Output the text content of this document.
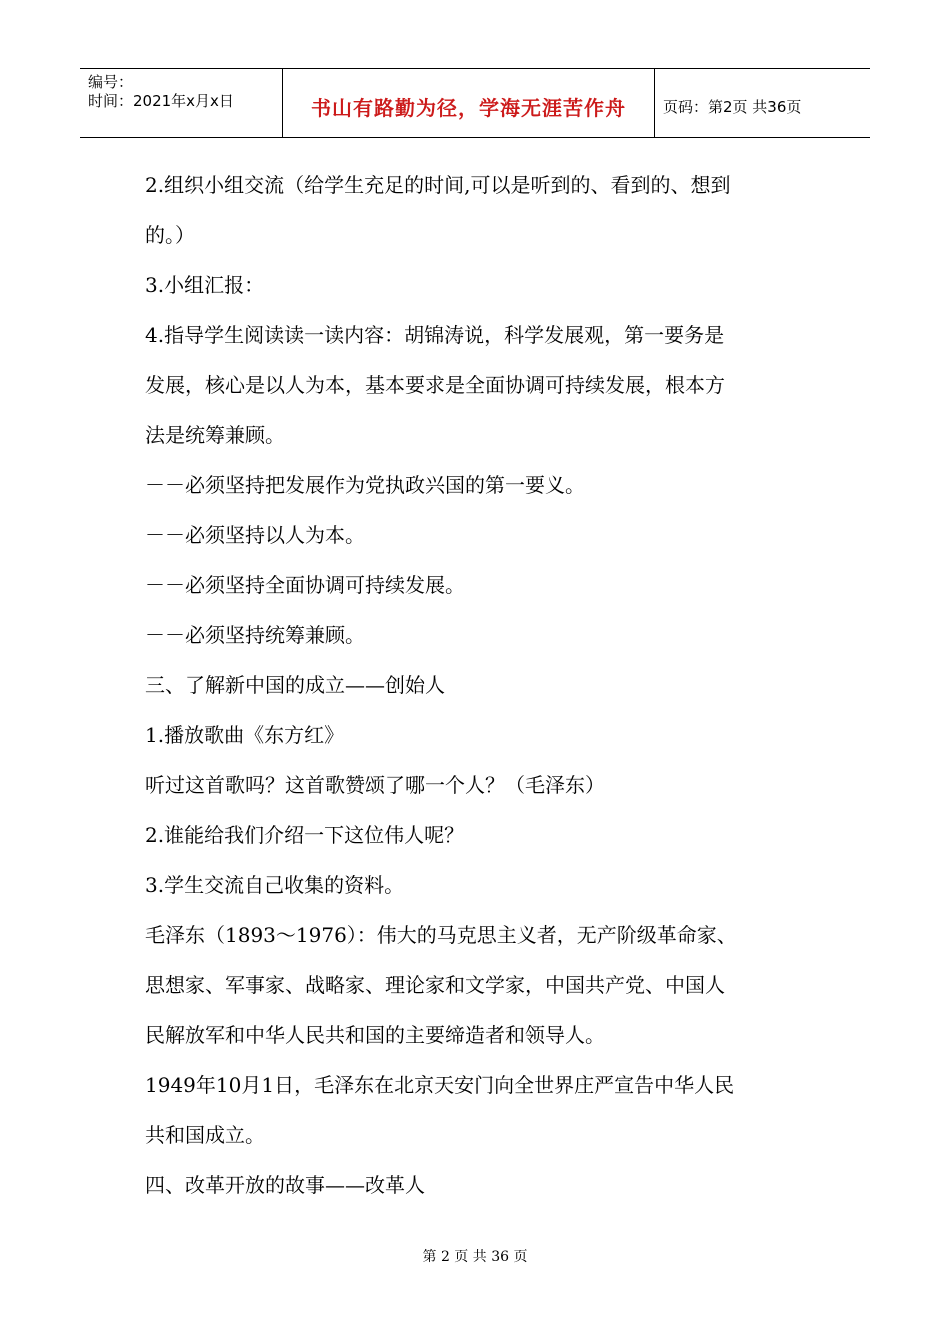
编号：
时间：2021年x月x日	书山有路勤为径，学海无涯苦作舟	页码：第2页 共36页
2.组织小组交流（给学生充足的时间,可以是听到的、看到的、想到
的。）
3.小组汇报：
4.指导学生阅读读一读内容：胡锦涛说，科学发展观，第一要务是
发展，核心是以人为本，基本要求是全面协调可持续发展，根本方
法是统筹兼顾。
－－必须坚持把发展作为党执政兴国的第一要义。
－－必须坚持以人为本。
－－必须坚持全面协调可持续发展。
－－必须坚持统筹兼顾。
三、了解新中国的成立——创始人
1.播放歌曲《东方红》
听过这首歌吗？这首歌赞颂了哪一个人？（毛泽东）
2.谁能给我们介绍一下这位伟人呢？
3.学生交流自己收集的资料。
毛泽东（1893～1976）：伟大的马克思主义者，无产阶级革命家、
思想家、军事家、战略家、理论家和文学家，中国共产党、中国人
民解放军和中华人民共和国的主要缔造者和领导人。
1949年10月1日，毛泽东在北京天安门向全世界庄严宣告中华人民
共和国成立。
四、改革开放的故事——改革人
第 2 页 共 36 页
